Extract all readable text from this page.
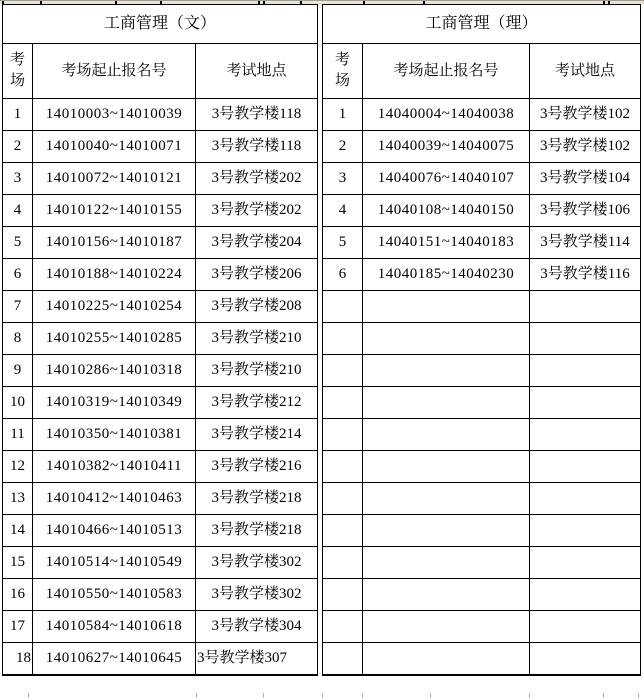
工商管理（文）		
考场	考场起止报名号	考试地点
1	14010003~14010039	3号教学楼118
2	14010040~14010071	3号教学楼118
3	14010072~14010121	3号教学楼202
4	14010122~14010155	3号教学楼202
5	14010156~14010187	3号教学楼204
6	14010188~14010224	3号教学楼206
7	14010225~14010254	3号教学楼208
8	14010255~14010285	3号教学楼210
9	14010286~14010318	3号教学楼210
10	14010319~14010349	3号教学楼212
11	14010350~14010381	3号教学楼214
12	14010382~14010411	3号教学楼216
13	14010412~14010463	3号教学楼218
14	14010466~14010513	3号教学楼218
15	14010514~14010549	3号教学楼302
16	14010550~14010583	3号教学楼302
17	14010584~14010618	3号教学楼304
18	14010627~14010645	3号教学楼307
工商管理（理）		
考场	考场起止报名号	考试地点
1	14040004~14040038	3号教学楼102
2	14040039~14040075	3号教学楼102
3	14040076~14040107	3号教学楼104
4	14040108~14040150	3号教学楼106
5	14040151~14040183	3号教学楼114
6	14040185~14040230	3号教学楼116
